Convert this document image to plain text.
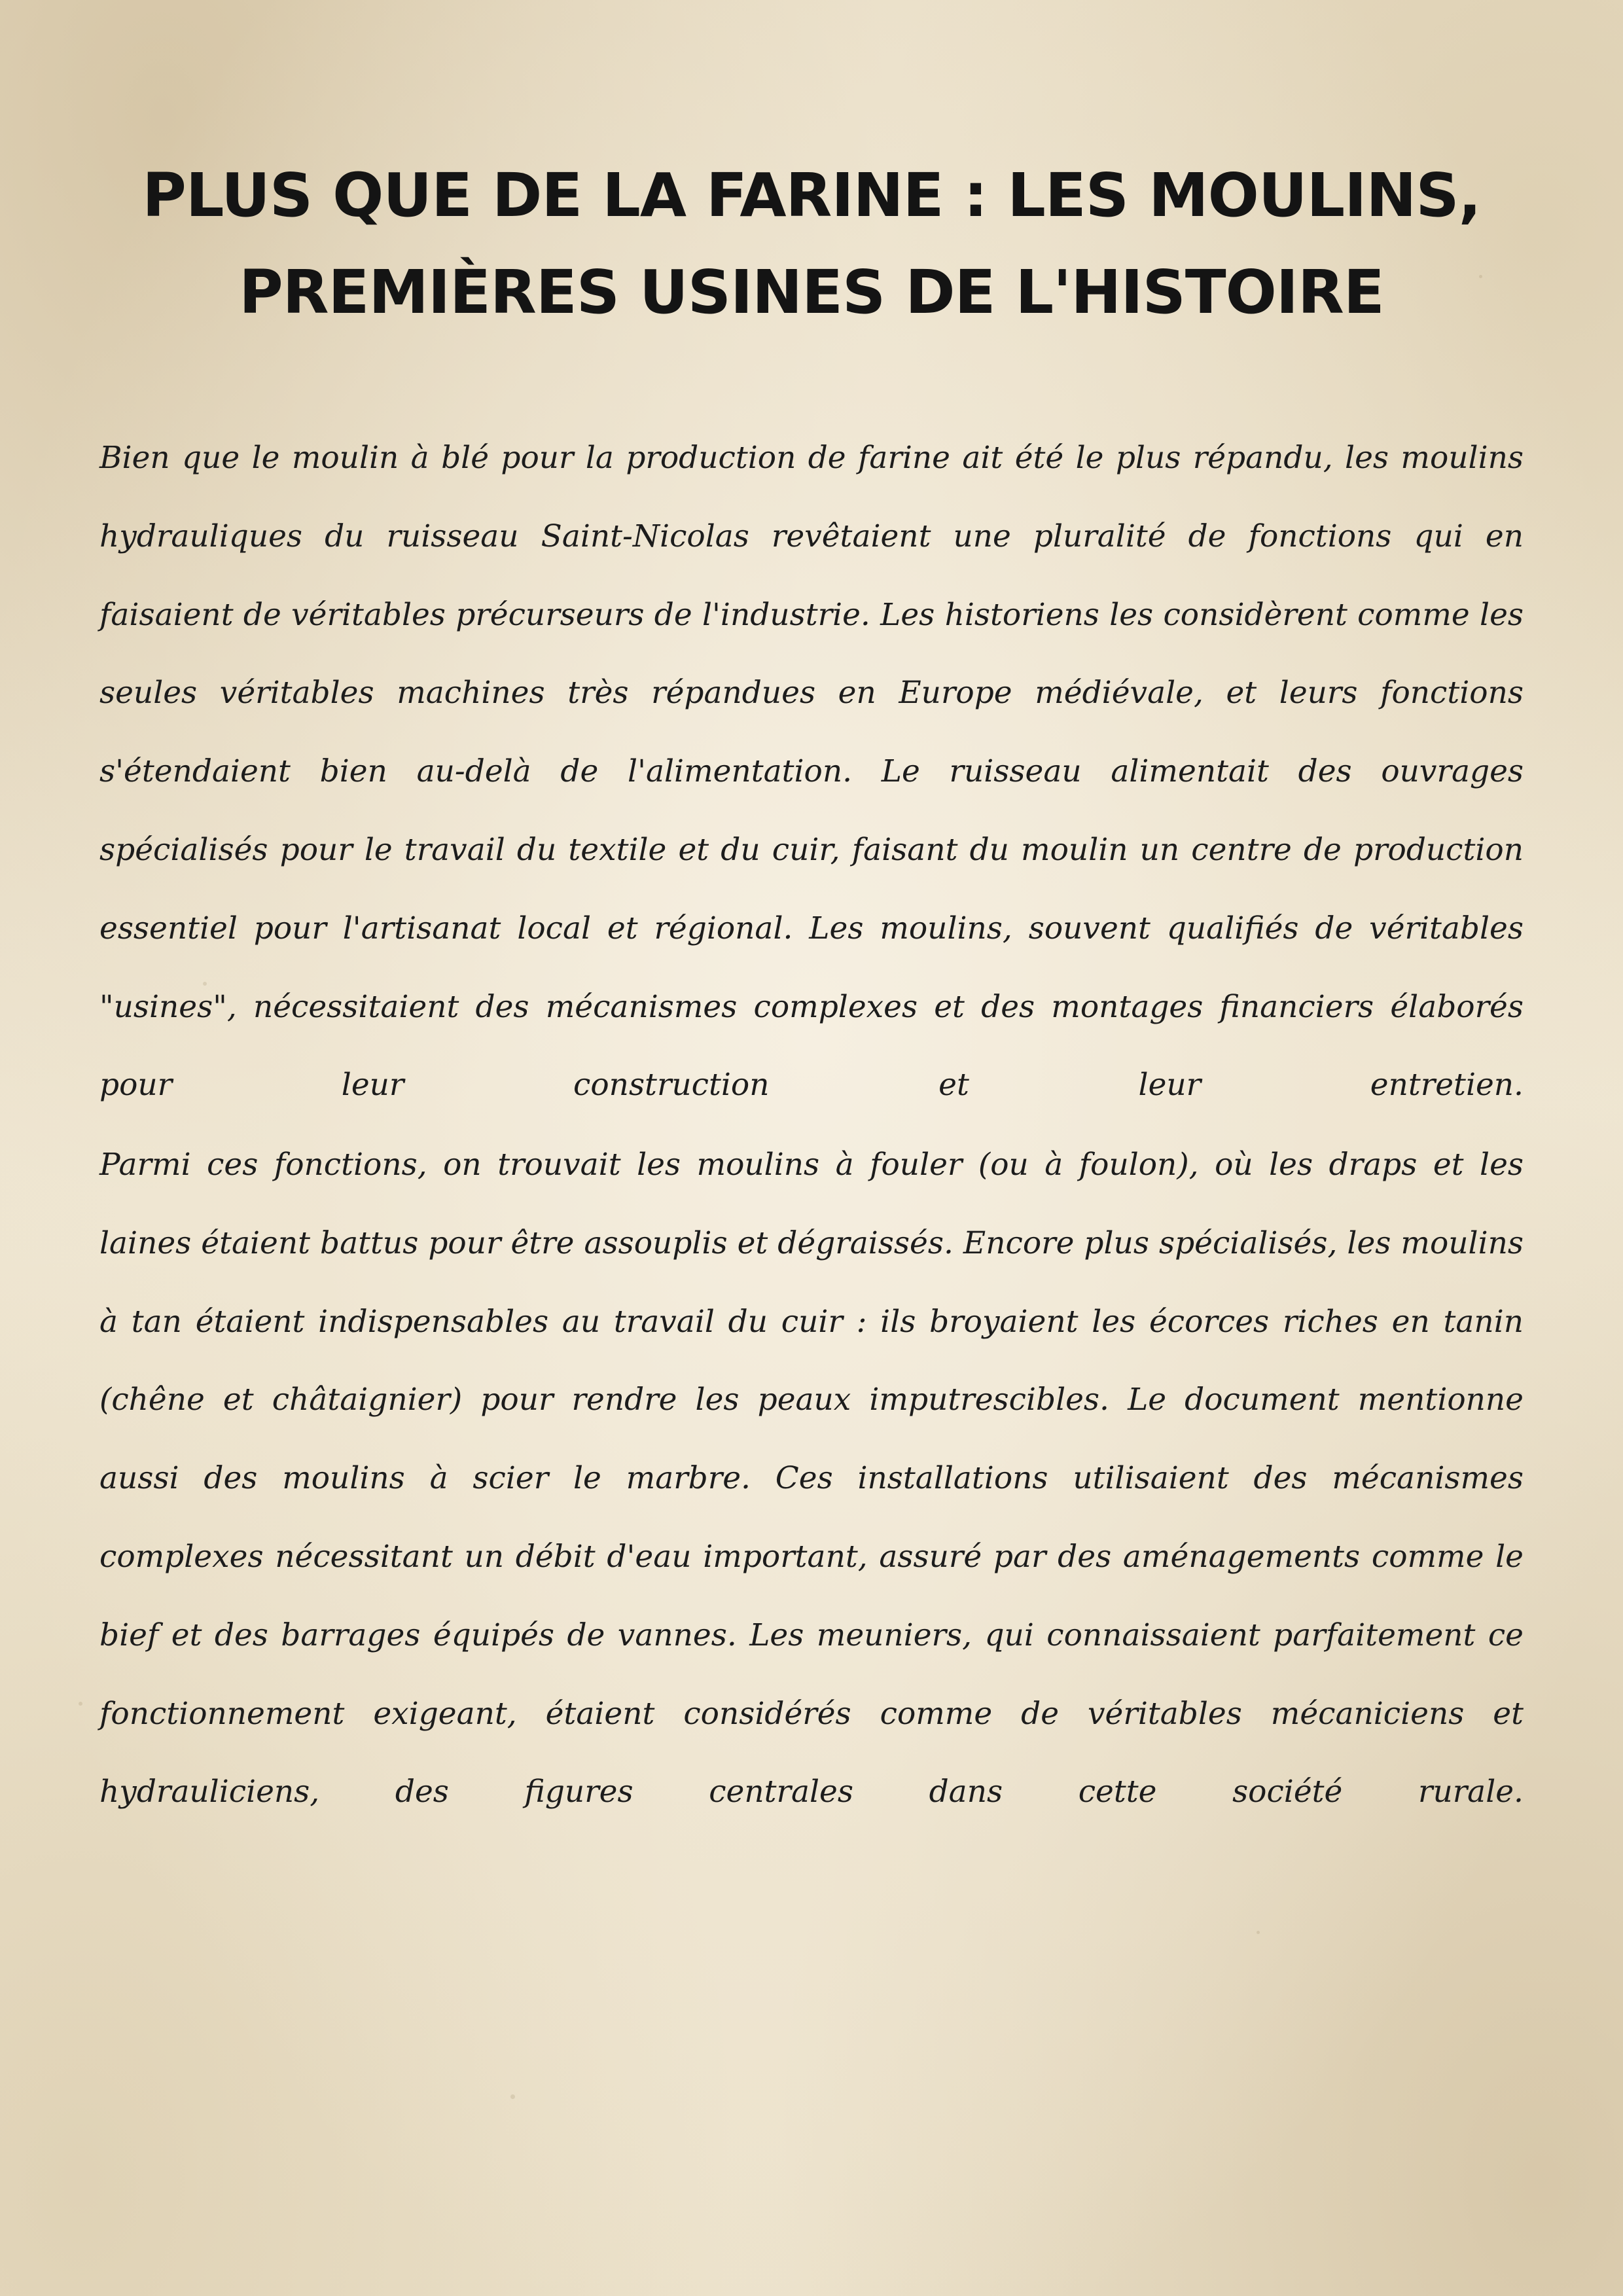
PLUS QUE DE LA FARINE : LES MOULINS,
PREMIÈRES USINES DE L'HISTOIRE

Bien que le moulin à blé pour la production de farine ait été le plus répandu, les moulins hydrauliques du ruisseau Saint-Nicolas revêtaient une pluralité de fonctions qui en faisaient de véritables précurseurs de l'industrie. Les historiens les considèrent comme les seules véritables machines très répandues en Europe médiévale, et leurs fonctions s'étendaient bien au-delà de l'alimentation. Le ruisseau alimentait des ouvrages spécialisés pour le travail du textile et du cuir, faisant du moulin un centre de production essentiel pour l'artisanat local et régional. Les moulins, souvent qualifiés de véritables "usines", nécessitaient des mécanismes complexes et des montages financiers élaborés pour leur construction et leur entretien.

Parmi ces fonctions, on trouvait les moulins à fouler (ou à foulon), où les draps et les laines étaient battus pour être assouplis et dégraissés. Encore plus spécialisés, les moulins à tan étaient indispensables au travail du cuir : ils broyaient les écorces riches en tanin (chêne et châtaignier) pour rendre les peaux imputrescibles. Le document mentionne aussi des moulins à scier le marbre. Ces installations utilisaient des mécanismes complexes nécessitant un débit d'eau important, assuré par des aménagements comme le bief et des barrages équipés de vannes. Les meuniers, qui connaissaient parfaitement ce fonctionnement exigeant, étaient considérés comme de véritables mécaniciens et hydrauliciens, des figures centrales dans cette société rurale.
